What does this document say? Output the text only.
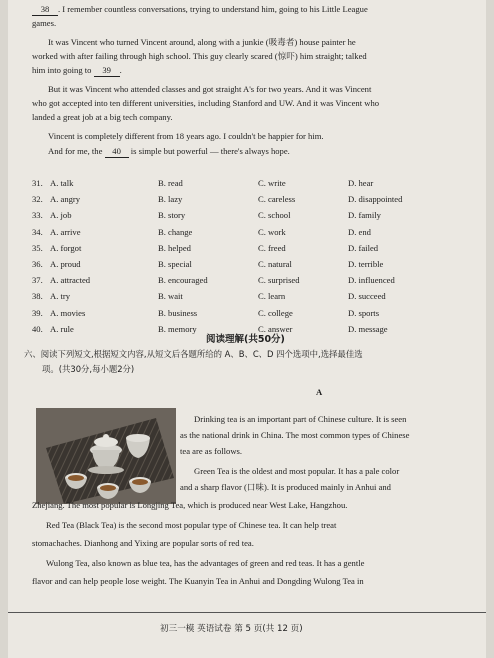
38 . I remember countless conversations, trying to understand him, going to his Little League
games.
It was Vincent who turned Vincent around, along with a junkie (吸毒者) house painter he
worked with after failing through high school. This guy clearly scared (惊吓) him straight; talked
him into going to 39 .
But it was Vincent who attended classes and got straight A's for two years. And it was Vincent
who got accepted into ten different universities, including Stanford and UW. And it was Vincent who
landed a great job at a big tech company.
Vincent is completely different from 18 years ago. I couldn't be happier for him.
And for me, the 40 is simple but powerful — there's always hope.
31. A. talk	B. read	C. write	D. hear
32. A. angry	B. lazy	C. careless	D. disappointed
33. A. job	B. story	C. school	D. family
34. A. arrive	B. change	C. work	D. end
35. A. forgot	B. helped	C. freed	D. failed
36. A. proud	B. special	C. natural	D. terrible
37. A. attracted	B. encouraged	C. surprised	D. influenced
38. A. try	B. wait	C. learn	D. succeed
39. A. movies	B. business	C. college	D. sports
40. A. rule	B. memory	C. answer	D. message
阅读理解(共50分)
六、阅读下列短文,根据短文内容,从短文后各题所给的 A、B、C、D 四个选项中,选择最佳选
项。(共30分,每小题2分)
A
Drinking tea is an important part of Chinese culture. It is seen
as the national drink in China. The most common types of Chinese
tea are as follows.
Green Tea is the oldest and most popular. It has a pale color
and a sharp flavor (口味). It is produced mainly in Anhui and
Zhejiang. The most popular is Longjing Tea, which is produced near West Lake, Hangzhou.
Red Tea (Black Tea) is the second most popular type of Chinese tea. It can help treat
stomachaches. Dianhong and Yixing are popular sorts of red tea.
Wulong Tea, also known as blue tea, has the advantages of green and red teas. It has a gentle
flavor and can help people lose weight. The Kuanyin Tea in Anhui and Dongding Wulong Tea in
初三一模 英语试卷 第 5 页(共 12 页)
